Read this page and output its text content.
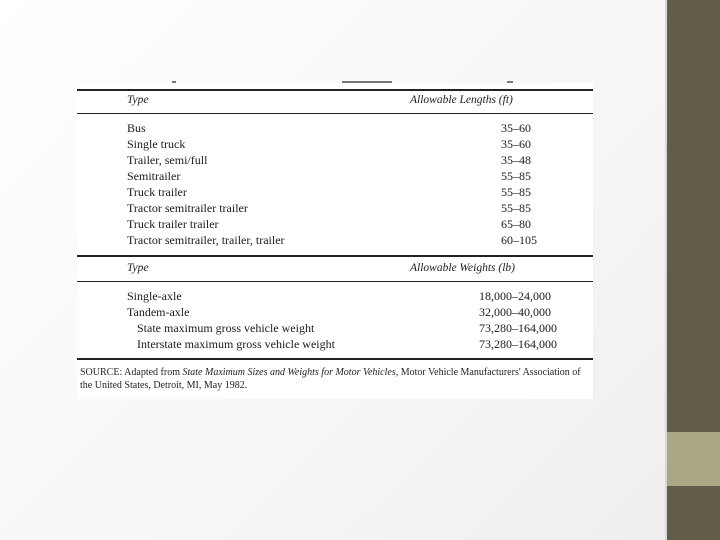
Type	Allowable Lengths (ft)
Bus	35–60
Single truck	35–60
Trailer, semi/full	35–48
Semitrailer	55–85
Truck trailer	55–85
Tractor semitrailer trailer	55–85
Truck trailer trailer	65–80
Tractor semitrailer, trailer, trailer	60–105
Type	Allowable Weights (lb)
Single-axle	18,000–24,000
Tandem-axle	32,000–40,000
State maximum gross vehicle weight	73,280–164,000
Interstate maximum gross vehicle weight	73,280–164,000
SOURCE: Adapted from State Maximum Sizes and Weights for Motor Vehicles, Motor Vehicle Manufacturers' Association of the United States, Detroit, MI, May 1982.
